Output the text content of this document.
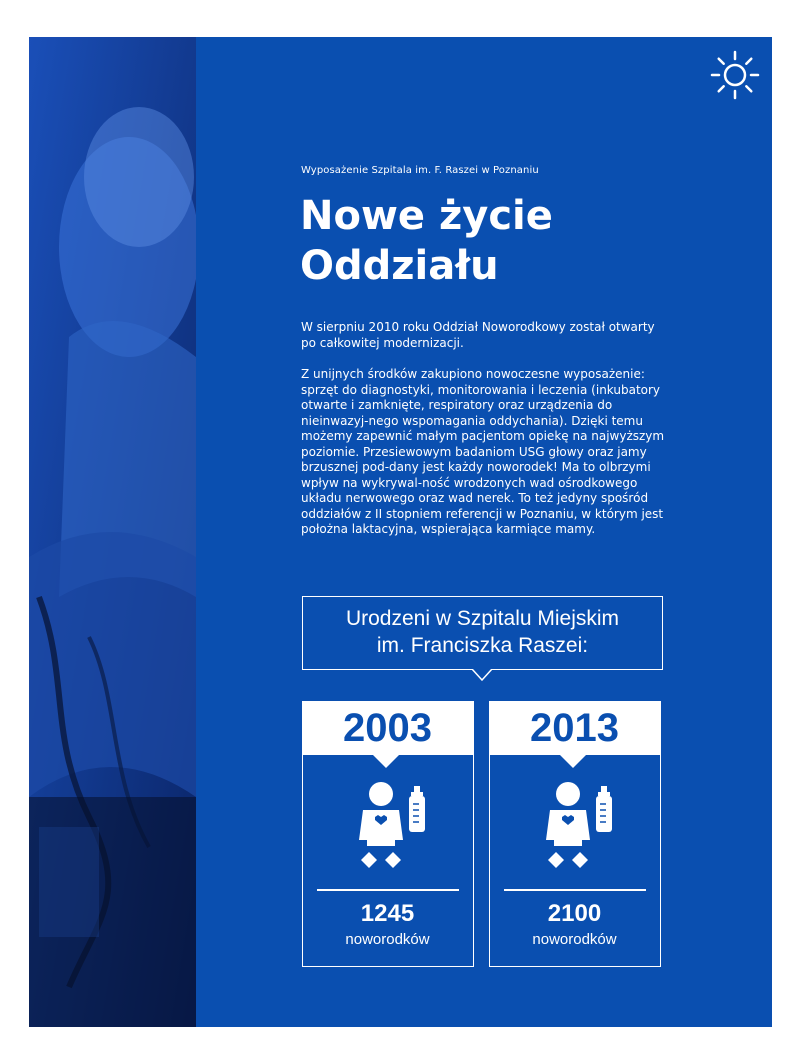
Wyposażenie Szpitala im. F. Raszei w Poznaniu
Nowe życie
Oddziału

W sierpniu 2010 roku Oddział Noworodkowy został otwarty po całkowitej modernizacji.

Z unijnych środków zakupiono nowoczesne wyposażenie: sprzęt do diagnostyki, monitorowania i leczenia (inkubatory otwarte i zamknięte, respiratory oraz urządzenia do nieinwazyj-nego wspomagania oddychania). Dzięki temu możemy zapewnić małym pacjentom opiekę na najwyższym poziomie. Przesiewowym badaniom USG głowy oraz jamy brzusznej pod-dany jest każdy noworodek! Ma to olbrzymi wpływ na wykrywal-ność wrodzonych wad ośrodkowego układu nerwowego oraz wad nerek. To też jedyny spośród oddziałów z II stopniem referencji w Poznaniu, w którym jest położna laktacyjna, wspierająca karmiące mamy.

Urodzeni w Szpitalu Miejskim
im. Franciszka Raszei:
2003
1245
noworodków
2013
2100
noworodków
